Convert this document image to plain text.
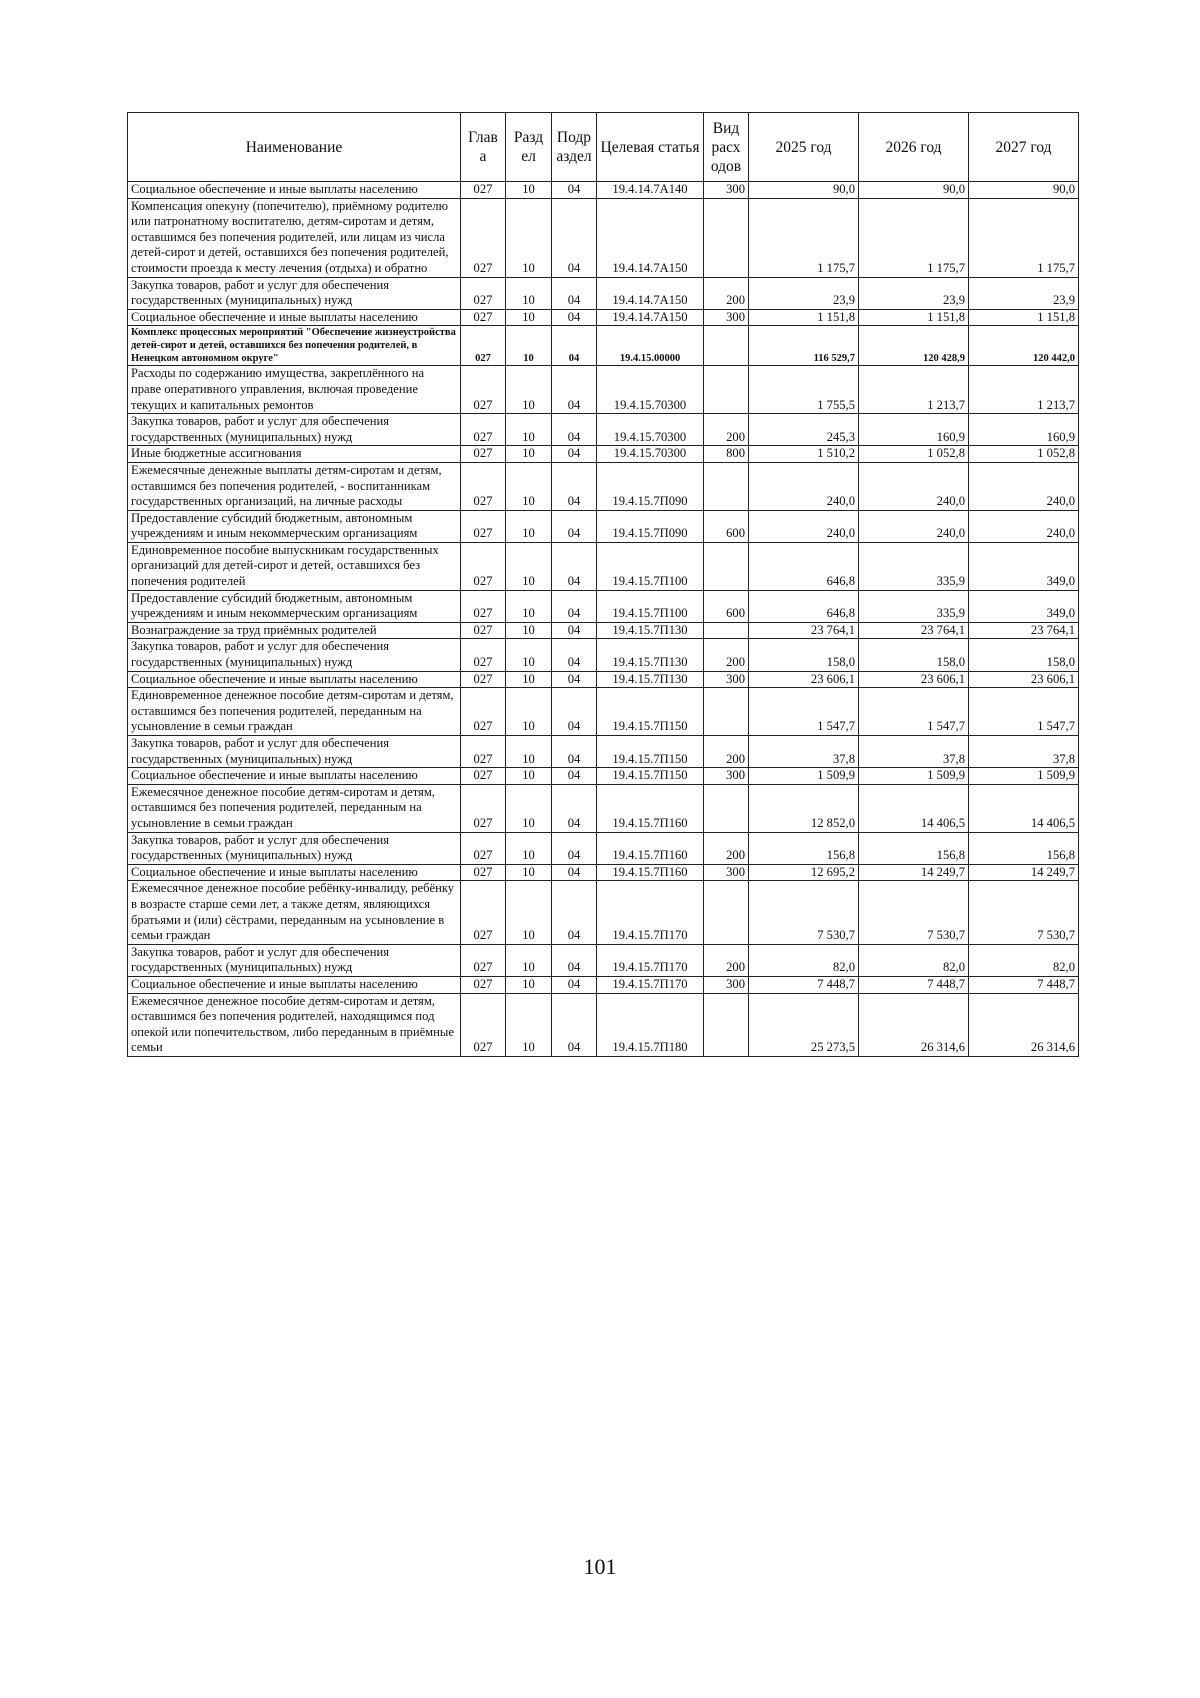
Наименование	Глав а	Разд ел	Подр аздел	Целевая статья	Вид расх одов	2025 год	2026 год	2027 год
Социальное обеспечение и иные выплаты населению	027	10	04	19.4.14.7А140	300	90,0	90,0	90,0
Компенсация опекуну (попечителю), приёмному родителю или патронатному воспитателю, детям-сиротам и детям, оставшимся без попечения родителей, или лицам из числа детей-сирот и детей, оставшихся без попечения родителей, стоимости проезда к месту лечения (отдыха) и обратно	027	10	04	19.4.14.7А150		1 175,7	1 175,7	1 175,7
Закупка товаров, работ и услуг для обеспечения государственных (муниципальных) нужд	027	10	04	19.4.14.7А150	200	23,9	23,9	23,9
Социальное обеспечение и иные выплаты населению	027	10	04	19.4.14.7А150	300	1 151,8	1 151,8	1 151,8
Комплекс процессных мероприятий "Обеспечение жизнеустройства детей-сирот и детей, оставшихся без попечения родителей, в Ненецком автономном округе"	027	10	04	19.4.15.00000		116 529,7	120 428,9	120 442,0
Расходы по содержанию имущества, закреплённого на праве оперативного управления, включая проведение текущих и капитальных ремонтов	027	10	04	19.4.15.70300		1 755,5	1 213,7	1 213,7
Закупка товаров, работ и услуг для обеспечения государственных (муниципальных) нужд	027	10	04	19.4.15.70300	200	245,3	160,9	160,9
Иные бюджетные ассигнования	027	10	04	19.4.15.70300	800	1 510,2	1 052,8	1 052,8
Ежемесячные денежные выплаты детям-сиротам и детям, оставшимся без попечения родителей, - воспитанникам государственных организаций, на личные расходы	027	10	04	19.4.15.7П090		240,0	240,0	240,0
Предоставление субсидий бюджетным, автономным учреждениям и иным некоммерческим организациям	027	10	04	19.4.15.7П090	600	240,0	240,0	240,0
Единовременное пособие выпускникам государственных организаций для детей-сирот и детей, оставшихся без попечения родителей	027	10	04	19.4.15.7П100		646,8	335,9	349,0
Предоставление субсидий бюджетным, автономным учреждениям и иным некоммерческим организациям	027	10	04	19.4.15.7П100	600	646,8	335,9	349,0
Вознаграждение за труд приёмных родителей	027	10	04	19.4.15.7П130		23 764,1	23 764,1	23 764,1
Закупка товаров, работ и услуг для обеспечения государственных (муниципальных) нужд	027	10	04	19.4.15.7П130	200	158,0	158,0	158,0
Социальное обеспечение и иные выплаты населению	027	10	04	19.4.15.7П130	300	23 606,1	23 606,1	23 606,1
Единовременное денежное пособие детям-сиротам и детям, оставшимся без попечения родителей, переданным на усыновление в семьи граждан	027	10	04	19.4.15.7П150		1 547,7	1 547,7	1 547,7
Закупка товаров, работ и услуг для обеспечения государственных (муниципальных) нужд	027	10	04	19.4.15.7П150	200	37,8	37,8	37,8
Социальное обеспечение и иные выплаты населению	027	10	04	19.4.15.7П150	300	1 509,9	1 509,9	1 509,9
Ежемесячное денежное пособие детям-сиротам и детям, оставшимся без попечения родителей, переданным на усыновление в семьи граждан	027	10	04	19.4.15.7П160		12 852,0	14 406,5	14 406,5
Закупка товаров, работ и услуг для обеспечения государственных (муниципальных) нужд	027	10	04	19.4.15.7П160	200	156,8	156,8	156,8
Социальное обеспечение и иные выплаты населению	027	10	04	19.4.15.7П160	300	12 695,2	14 249,7	14 249,7
Ежемесячное денежное пособие ребёнку-инвалиду, ребёнку в возрасте старше семи лет, а также детям, являющихся братьями и (или) сёстрами, переданным на усыновление в семьи граждан	027	10	04	19.4.15.7П170		7 530,7	7 530,7	7 530,7
Закупка товаров, работ и услуг для обеспечения государственных (муниципальных) нужд	027	10	04	19.4.15.7П170	200	82,0	82,0	82,0
Социальное обеспечение и иные выплаты населению	027	10	04	19.4.15.7П170	300	7 448,7	7 448,7	7 448,7
Ежемесячное денежное пособие детям-сиротам и детям, оставшимся без попечения родителей, находящимся под опекой или попечительством, либо переданным в приёмные семьи	027	10	04	19.4.15.7П180		25 273,5	26 314,6	26 314,6
101
